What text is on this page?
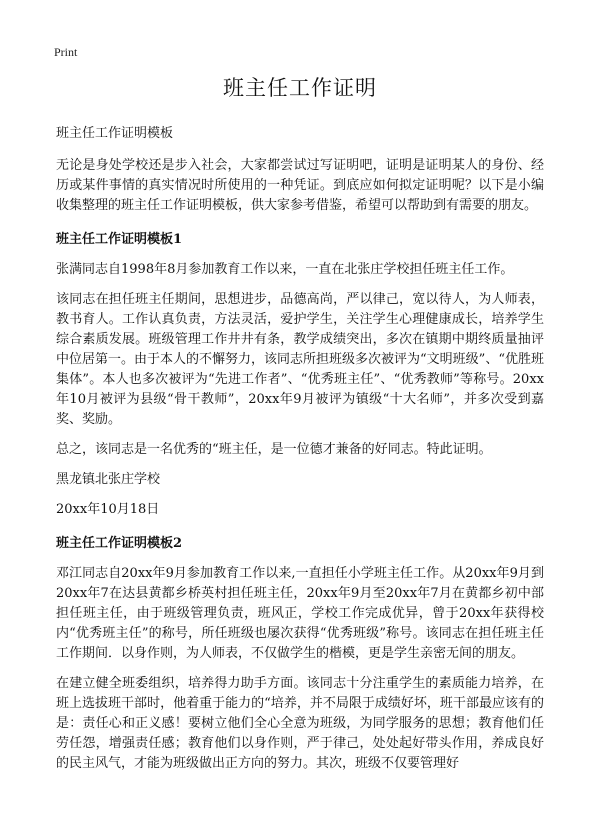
Print
班主任工作证明

班主任工作证明模板

无论是身处学校还是步入社会，大家都尝试过写证明吧，证明是证明某人的身份、经历或某件事情的真实情况时所使用的一种凭证。到底应如何拟定证明呢？以下是小编收集整理的班主任工作证明模板，供大家参考借鉴，希望可以帮助到有需要的朋友。

班主任工作证明模板1

张满同志自1998年8月参加教育工作以来，一直在北张庄学校担任班主任工作。

该同志在担任班主任期间，思想进步，品德高尚，严以律己，宽以待人，为人师表，教书育人。工作认真负责，方法灵活，爱护学生，关注学生心理健康成长，培养学生综合素质发展。班级管理工作井井有条，教学成绩突出，多次在镇期中期终质量抽评中位居第一。由于本人的不懈努力，该同志所担班级多次被评为“文明班级”、“优胜班集体”。本人也多次被评为“先进工作者”、“优秀班主任”、“优秀教师”等称号。20xx年10月被评为县级“骨干教师”，20xx年9月被评为镇级“十大名师”，并多次受到嘉奖、奖励。

总之，该同志是一名优秀的“班主任，是一位德才兼备的好同志。特此证明。

黑龙镇北张庄学校

20xx年10月18日

班主任工作证明模板2

邓江同志自20xx年9月参加教育工作以来,一直担任小学班主任工作。从20xx年9月到20xx年7在达县黄都乡桥英村担任班主任，20xx年9月至20xx年7月在黄都乡初中部担任班主任，由于班级管理负责，班风正，学校工作完成优异，曾于20xx年获得校内“优秀班主任”的称号，所任班级也屡次获得“优秀班级”称号。该同志在担任班主任工作期间．以身作则，为人师表，不仅做学生的楷模，更是学生亲密无间的朋友。

在建立健全班委组织，培养得力助手方面。该同志十分注重学生的素质能力培养，在班上选拔班干部时，他着重于能力的“培养，并不局限于成绩好坏，班干部最应该有的是：责任心和正义感！要树立他们全心全意为班级，为同学服务的思想；教育他们任劳任怨，增强责任感；教育他们以身作则，严于律己，处处起好带头作用，养成良好的民主风气，才能为班级做出正方向的努力。其次，班级不仅要管理好
